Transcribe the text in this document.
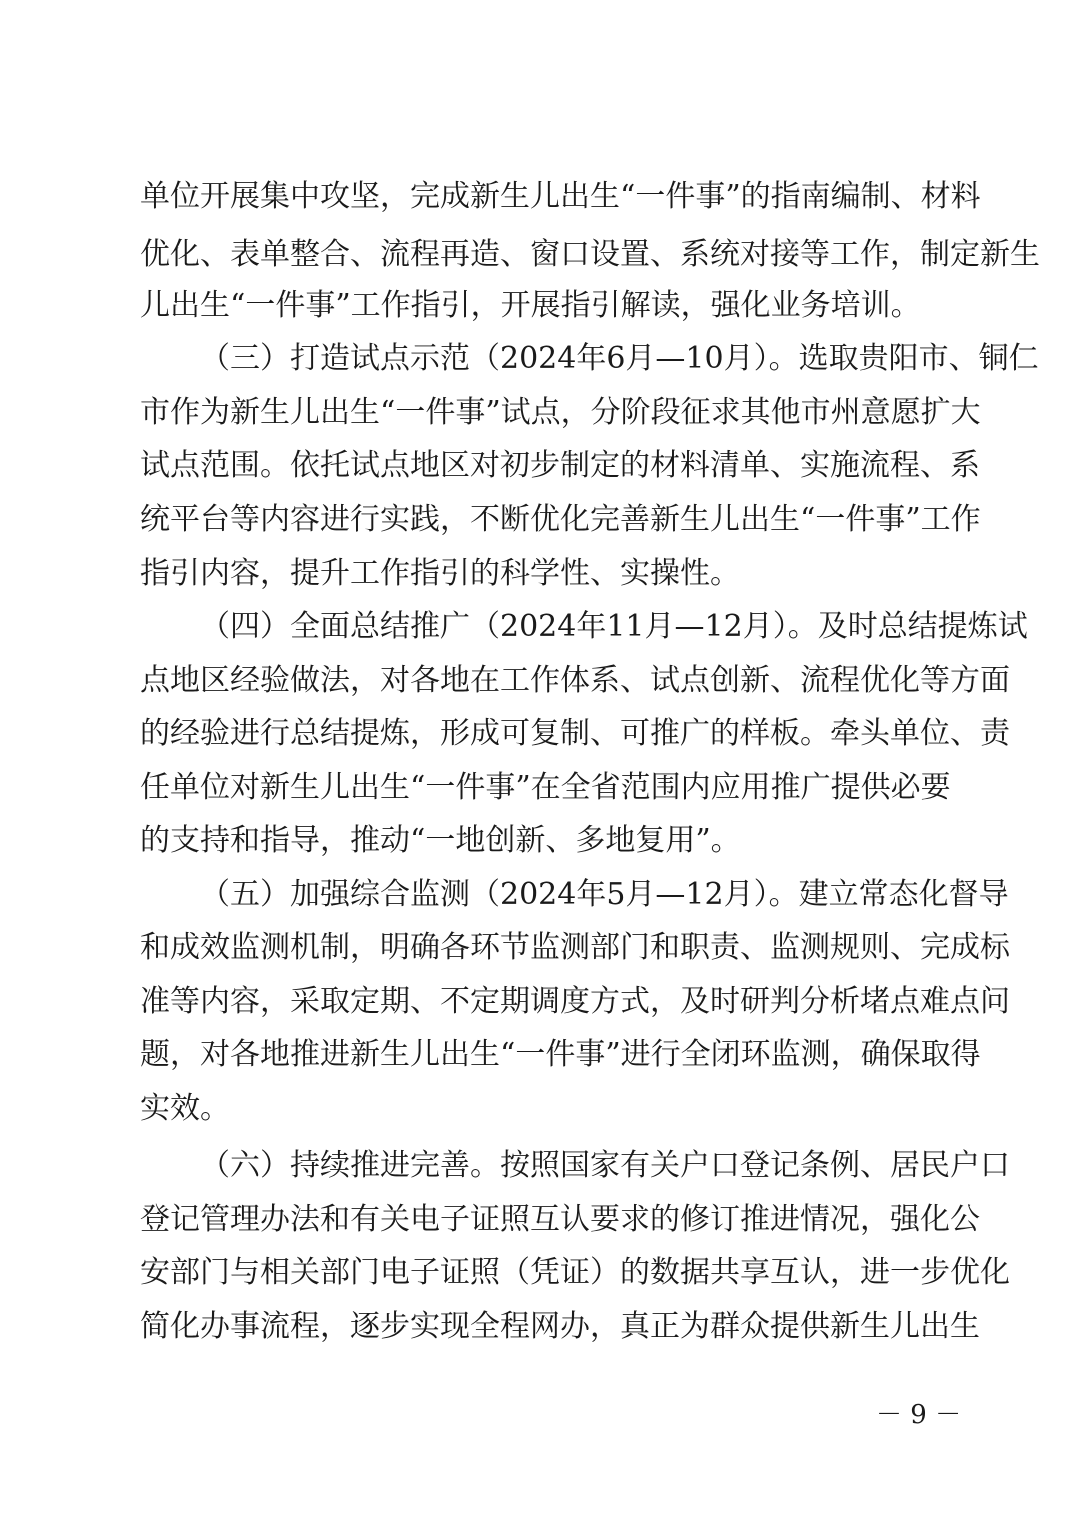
单位开展集中攻坚，完成新生儿出生“一件事”的指南编制、材料
优化、表单整合、流程再造、窗口设置、系统对接等工作，制定新生
儿出生“一件事”工作指引，开展指引解读，强化业务培训。
（三）打造试点示范（2024年6月—10月）。选取贵阳市、铜仁
市作为新生儿出生“一件事”试点，分阶段征求其他市州意愿扩大
试点范围。依托试点地区对初步制定的材料清单、实施流程、系
统平台等内容进行实践，不断优化完善新生儿出生“一件事”工作
指引内容，提升工作指引的科学性、实操性。
（四）全面总结推广（2024年11月—12月）。及时总结提炼试
点地区经验做法，对各地在工作体系、试点创新、流程优化等方面
的经验进行总结提炼，形成可复制、可推广的样板。牵头单位、责
任单位对新生儿出生“一件事”在全省范围内应用推广提供必要
的支持和指导，推动“一地创新、多地复用”。
（五）加强综合监测（2024年5月—12月）。建立常态化督导
和成效监测机制，明确各环节监测部门和职责、监测规则、完成标
准等内容，采取定期、不定期调度方式，及时研判分析堵点难点问
题，对各地推进新生儿出生“一件事”进行全闭环监测，确保取得
实效。
（六）持续推进完善。按照国家有关户口登记条例、居民户口
登记管理办法和有关电子证照互认要求的修订推进情况，强化公
安部门与相关部门电子证照（凭证）的数据共享互认，进一步优化
简化办事流程，逐步实现全程网办，真正为群众提供新生儿出生
－ 9 －
